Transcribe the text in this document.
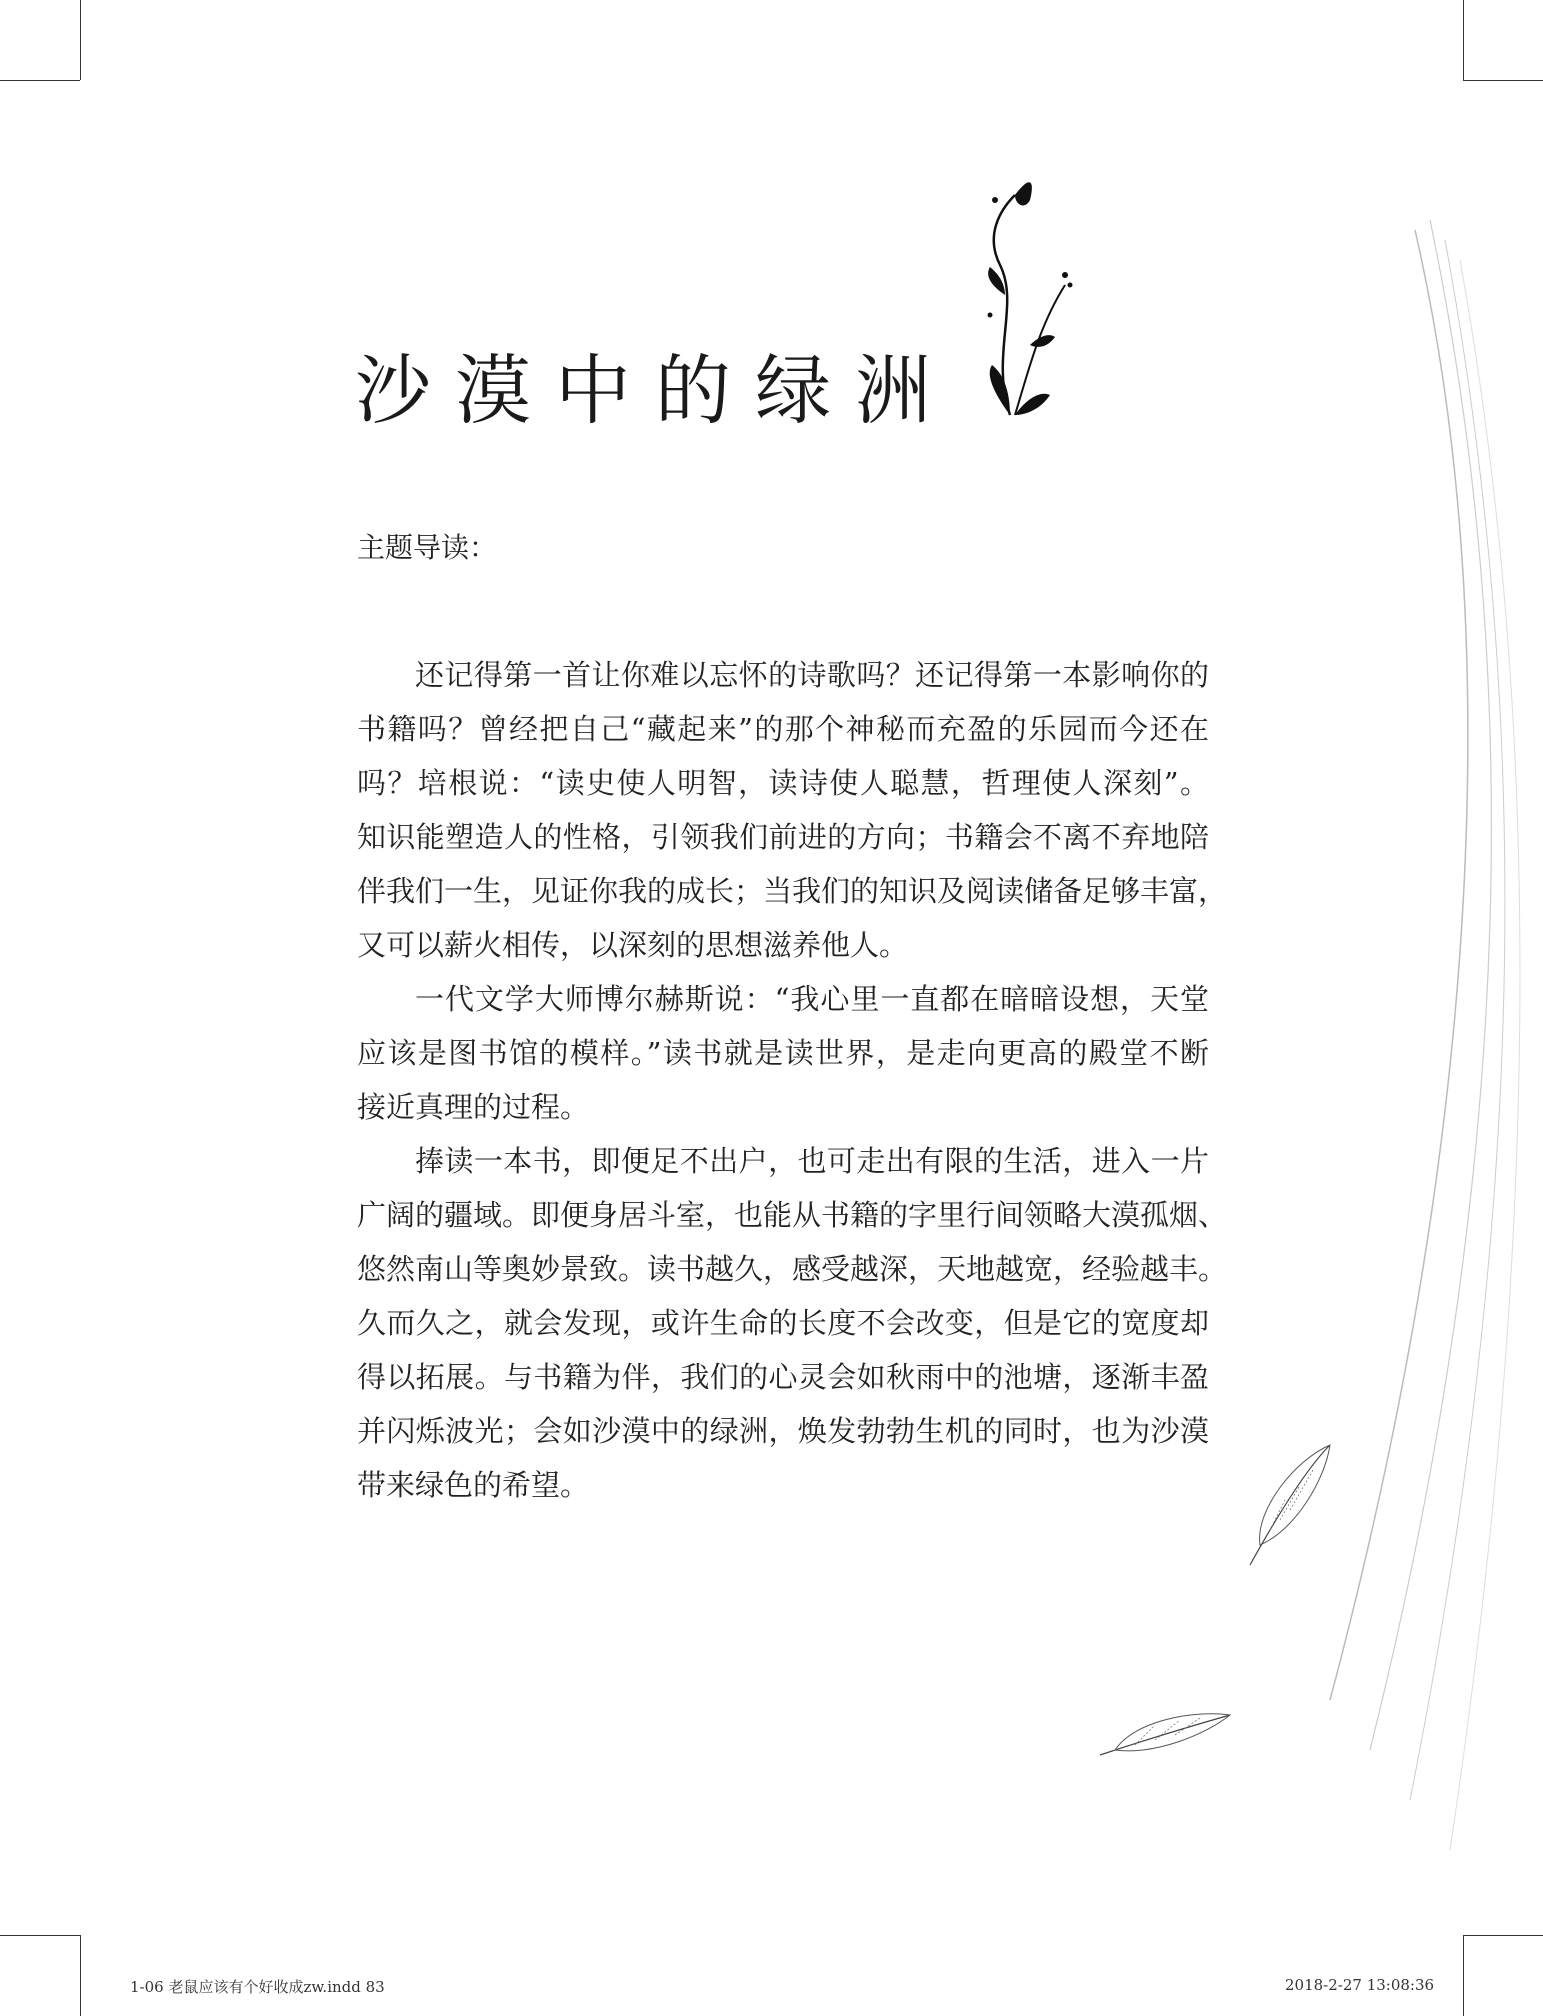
沙漠中的绿洲
主题导读：
还记得第一首让你难以忘怀的诗歌吗？还记得第一本影响你的
书籍吗？曾经把自己“藏起来”的那个神秘而充盈的乐园而今还在
吗？培根说：“读史使人明智，读诗使人聪慧，哲理使人深刻”。
知识能塑造人的性格，引领我们前进的方向；书籍会不离不弃地陪
伴我们一生，见证你我的成长；当我们的知识及阅读储备足够丰富，
又可以薪火相传，以深刻的思想滋养他人。
一代文学大师博尔赫斯说：“我心里一直都在暗暗设想，天堂
应该是图书馆的模样。”读书就是读世界，是走向更高的殿堂不断
接近真理的过程。
捧读一本书，即便足不出户，也可走出有限的生活，进入一片
广阔的疆域。即便身居斗室，也能从书籍的字里行间领略大漠孤烟、
悠然南山等奥妙景致。读书越久，感受越深，天地越宽，经验越丰。
久而久之，就会发现，或许生命的长度不会改变，但是它的宽度却
得以拓展。与书籍为伴，我们的心灵会如秋雨中的池塘，逐渐丰盈
并闪烁波光；会如沙漠中的绿洲，焕发勃勃生机的同时，也为沙漠
带来绿色的希望。
1-06 老鼠应该有个好收成zw.indd 83	2018-2-27 13:08:36
